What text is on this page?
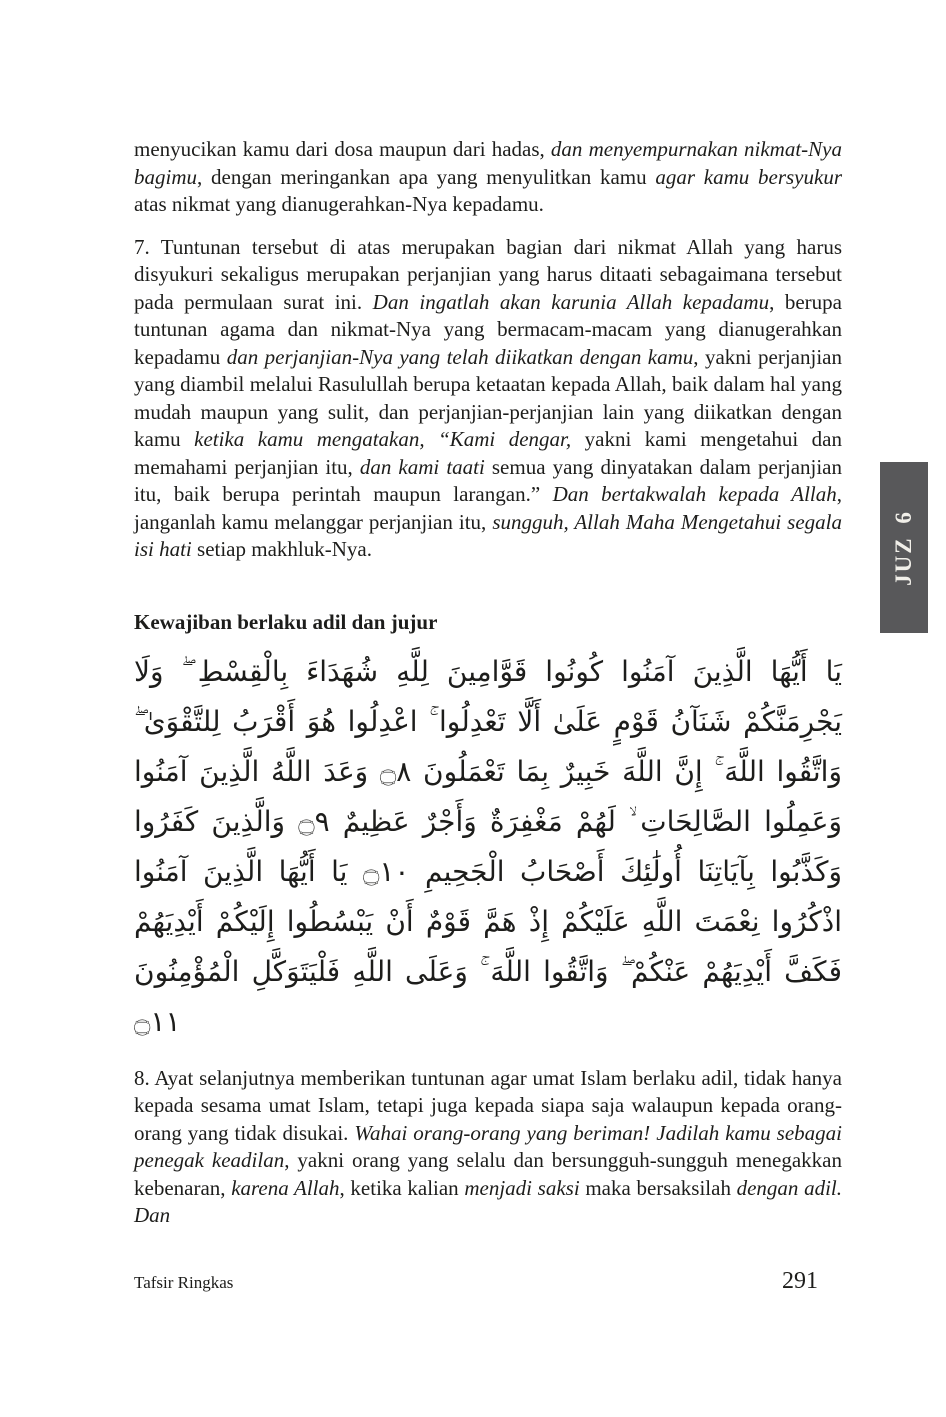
menyucikan kamu dari dosa maupun dari hadas, dan menyempurnakan nikmat-Nya bagimu, dengan meringankan apa yang menyulitkan kamu agar kamu bersyukur atas nikmat yang dianugerahkan-Nya kepadamu.

7. Tuntunan tersebut di atas merupakan bagian dari nikmat Allah yang harus disyukuri sekaligus merupakan perjanjian yang harus ditaati sebagaimana tersebut pada permulaan surat ini. Dan ingatlah akan karunia Allah kepadamu, berupa tuntunan agama dan nikmat-Nya yang bermacam-macam yang dianugerahkan kepadamu dan perjanjian-Nya yang telah diikatkan dengan kamu, yakni perjanjian yang diambil melalui Rasulullah berupa ketaatan kepada Allah, baik dalam hal yang mudah maupun yang sulit, dan perjanjian-perjanjian lain yang diikatkan dengan kamu ketika kamu mengatakan, “Kami dengar, yakni kami mengetahui dan memahami perjanjian itu, dan kami taati semua yang dinyatakan dalam perjanjian itu, baik berupa perintah maupun larangan.” Dan bertakwalah kepada Allah, janganlah kamu melanggar perjanjian itu, sungguh, Allah Maha Mengetahui segala isi hati setiap makhluk-Nya.

Kewajiban berlaku adil dan jujur
يَا أَيُّهَا الَّذِينَ آمَنُوا كُونُوا قَوَّامِينَ لِلَّهِ شُهَدَاءَ بِالْقِسْطِ ۖ وَلَا يَجْرِمَنَّكُمْ شَنَآنُ قَوْمٍ عَلَىٰ أَلَّا تَعْدِلُوا ۚ اعْدِلُوا هُوَ أَقْرَبُ لِلتَّقْوَىٰ ۖ وَاتَّقُوا اللَّهَ ۚ إِنَّ اللَّهَ خَبِيرٌ بِمَا تَعْمَلُونَ ۝٨ وَعَدَ اللَّهُ الَّذِينَ آمَنُوا وَعَمِلُوا الصَّالِحَاتِ ۙ لَهُمْ مَغْفِرَةٌ وَأَجْرٌ عَظِيمٌ ۝٩ وَالَّذِينَ كَفَرُوا وَكَذَّبُوا بِآيَاتِنَا أُولَٰئِكَ أَصْحَابُ الْجَحِيمِ ۝١٠ يَا أَيُّهَا الَّذِينَ آمَنُوا اذْكُرُوا نِعْمَتَ اللَّهِ عَلَيْكُمْ إِذْ هَمَّ قَوْمٌ أَنْ يَبْسُطُوا إِلَيْكُمْ أَيْدِيَهُمْ فَكَفَّ أَيْدِيَهُمْ عَنْكُمْ ۖ وَاتَّقُوا اللَّهَ ۚ وَعَلَى اللَّهِ فَلْيَتَوَكَّلِ الْمُؤْمِنُونَ ۝١١

8. Ayat selanjutnya memberikan tuntunan agar umat Islam berlaku adil, tidak hanya kepada sesama umat Islam, tetapi juga kepada siapa saja walaupun kepada orang-orang yang tidak disukai. Wahai orang-orang yang beriman! Jadilah kamu sebagai penegak keadilan, yakni orang yang selalu dan bersungguh-sungguh menegakkan kebenaran, karena Allah, ketika kalian menjadi saksi maka bersaksilah dengan adil. Dan

JUZ 6
Tafsir Ringkas	291
